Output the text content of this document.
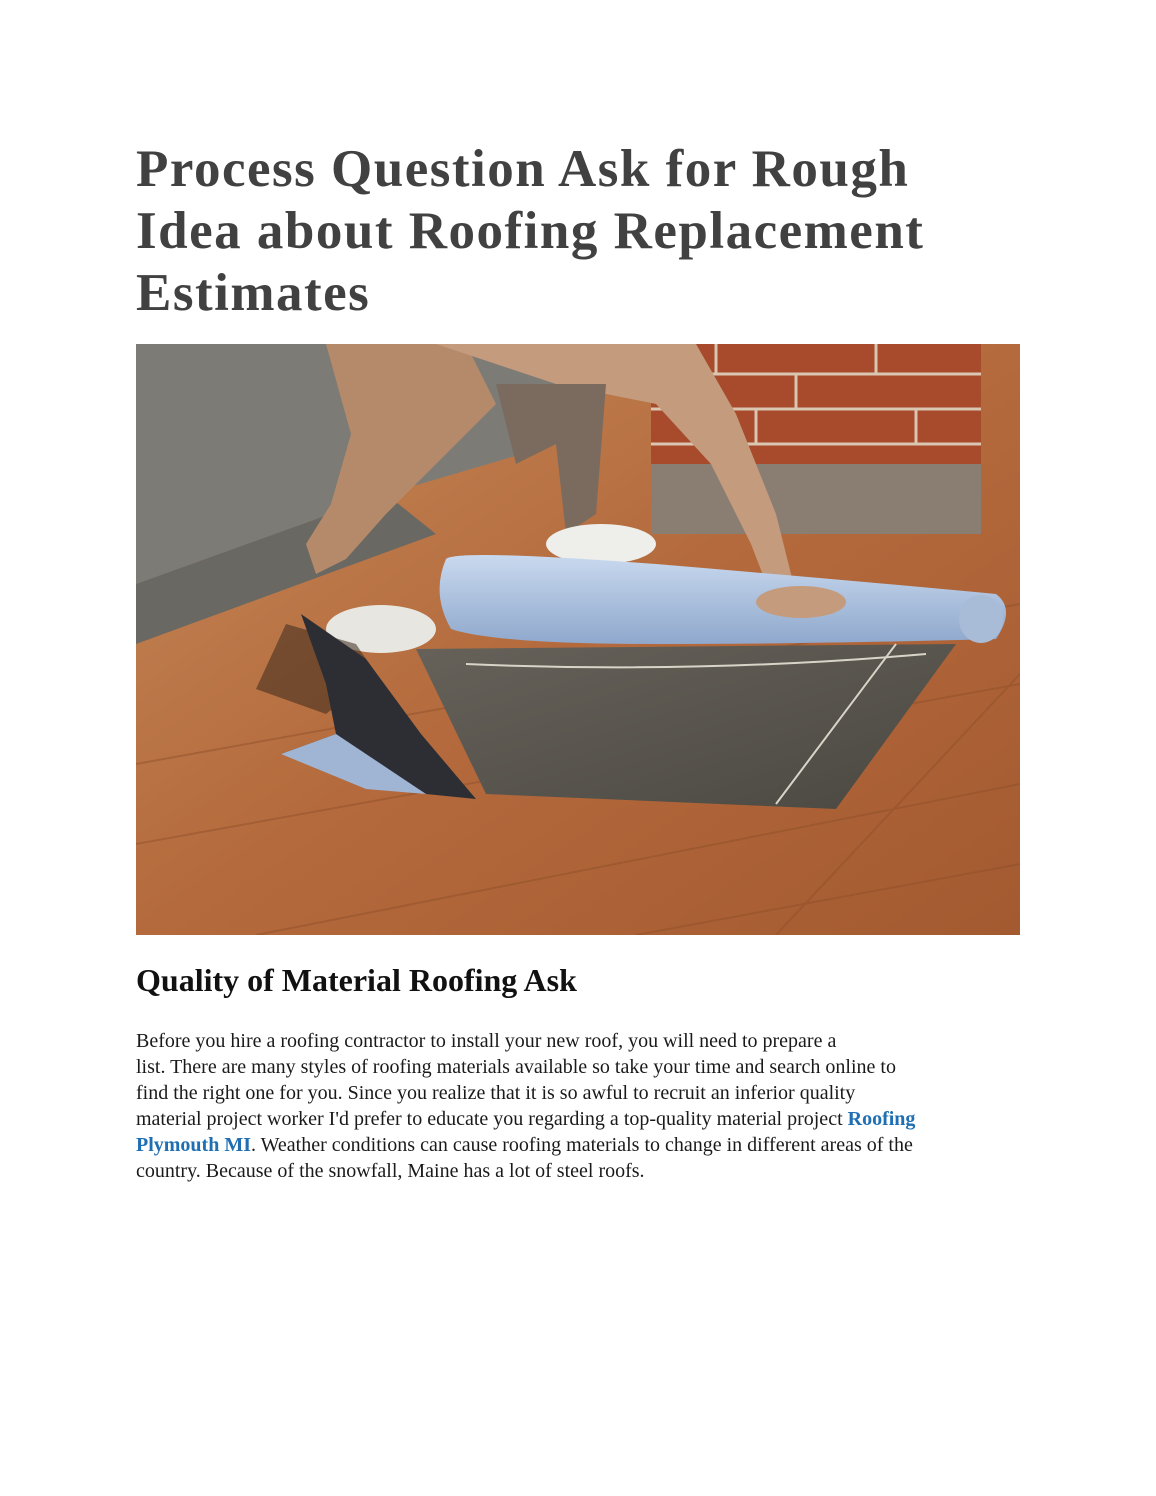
Process Question Ask for Rough
Idea about Roofing Replacement
Estimates
Quality of Material Roofing Ask

Before you hire a roofing contractor to install your new roof, you will need to prepare a
list. There are many styles of roofing materials available so take your time and search online to
find the right one for you. Since you realize that it is so awful to recruit an inferior quality
material project worker I'd prefer to educate you regarding a top-quality material project Roofing
Plymouth MI. Weather conditions can cause roofing materials to change in different areas of the
country. Because of the snowfall, Maine has a lot of steel roofs.
